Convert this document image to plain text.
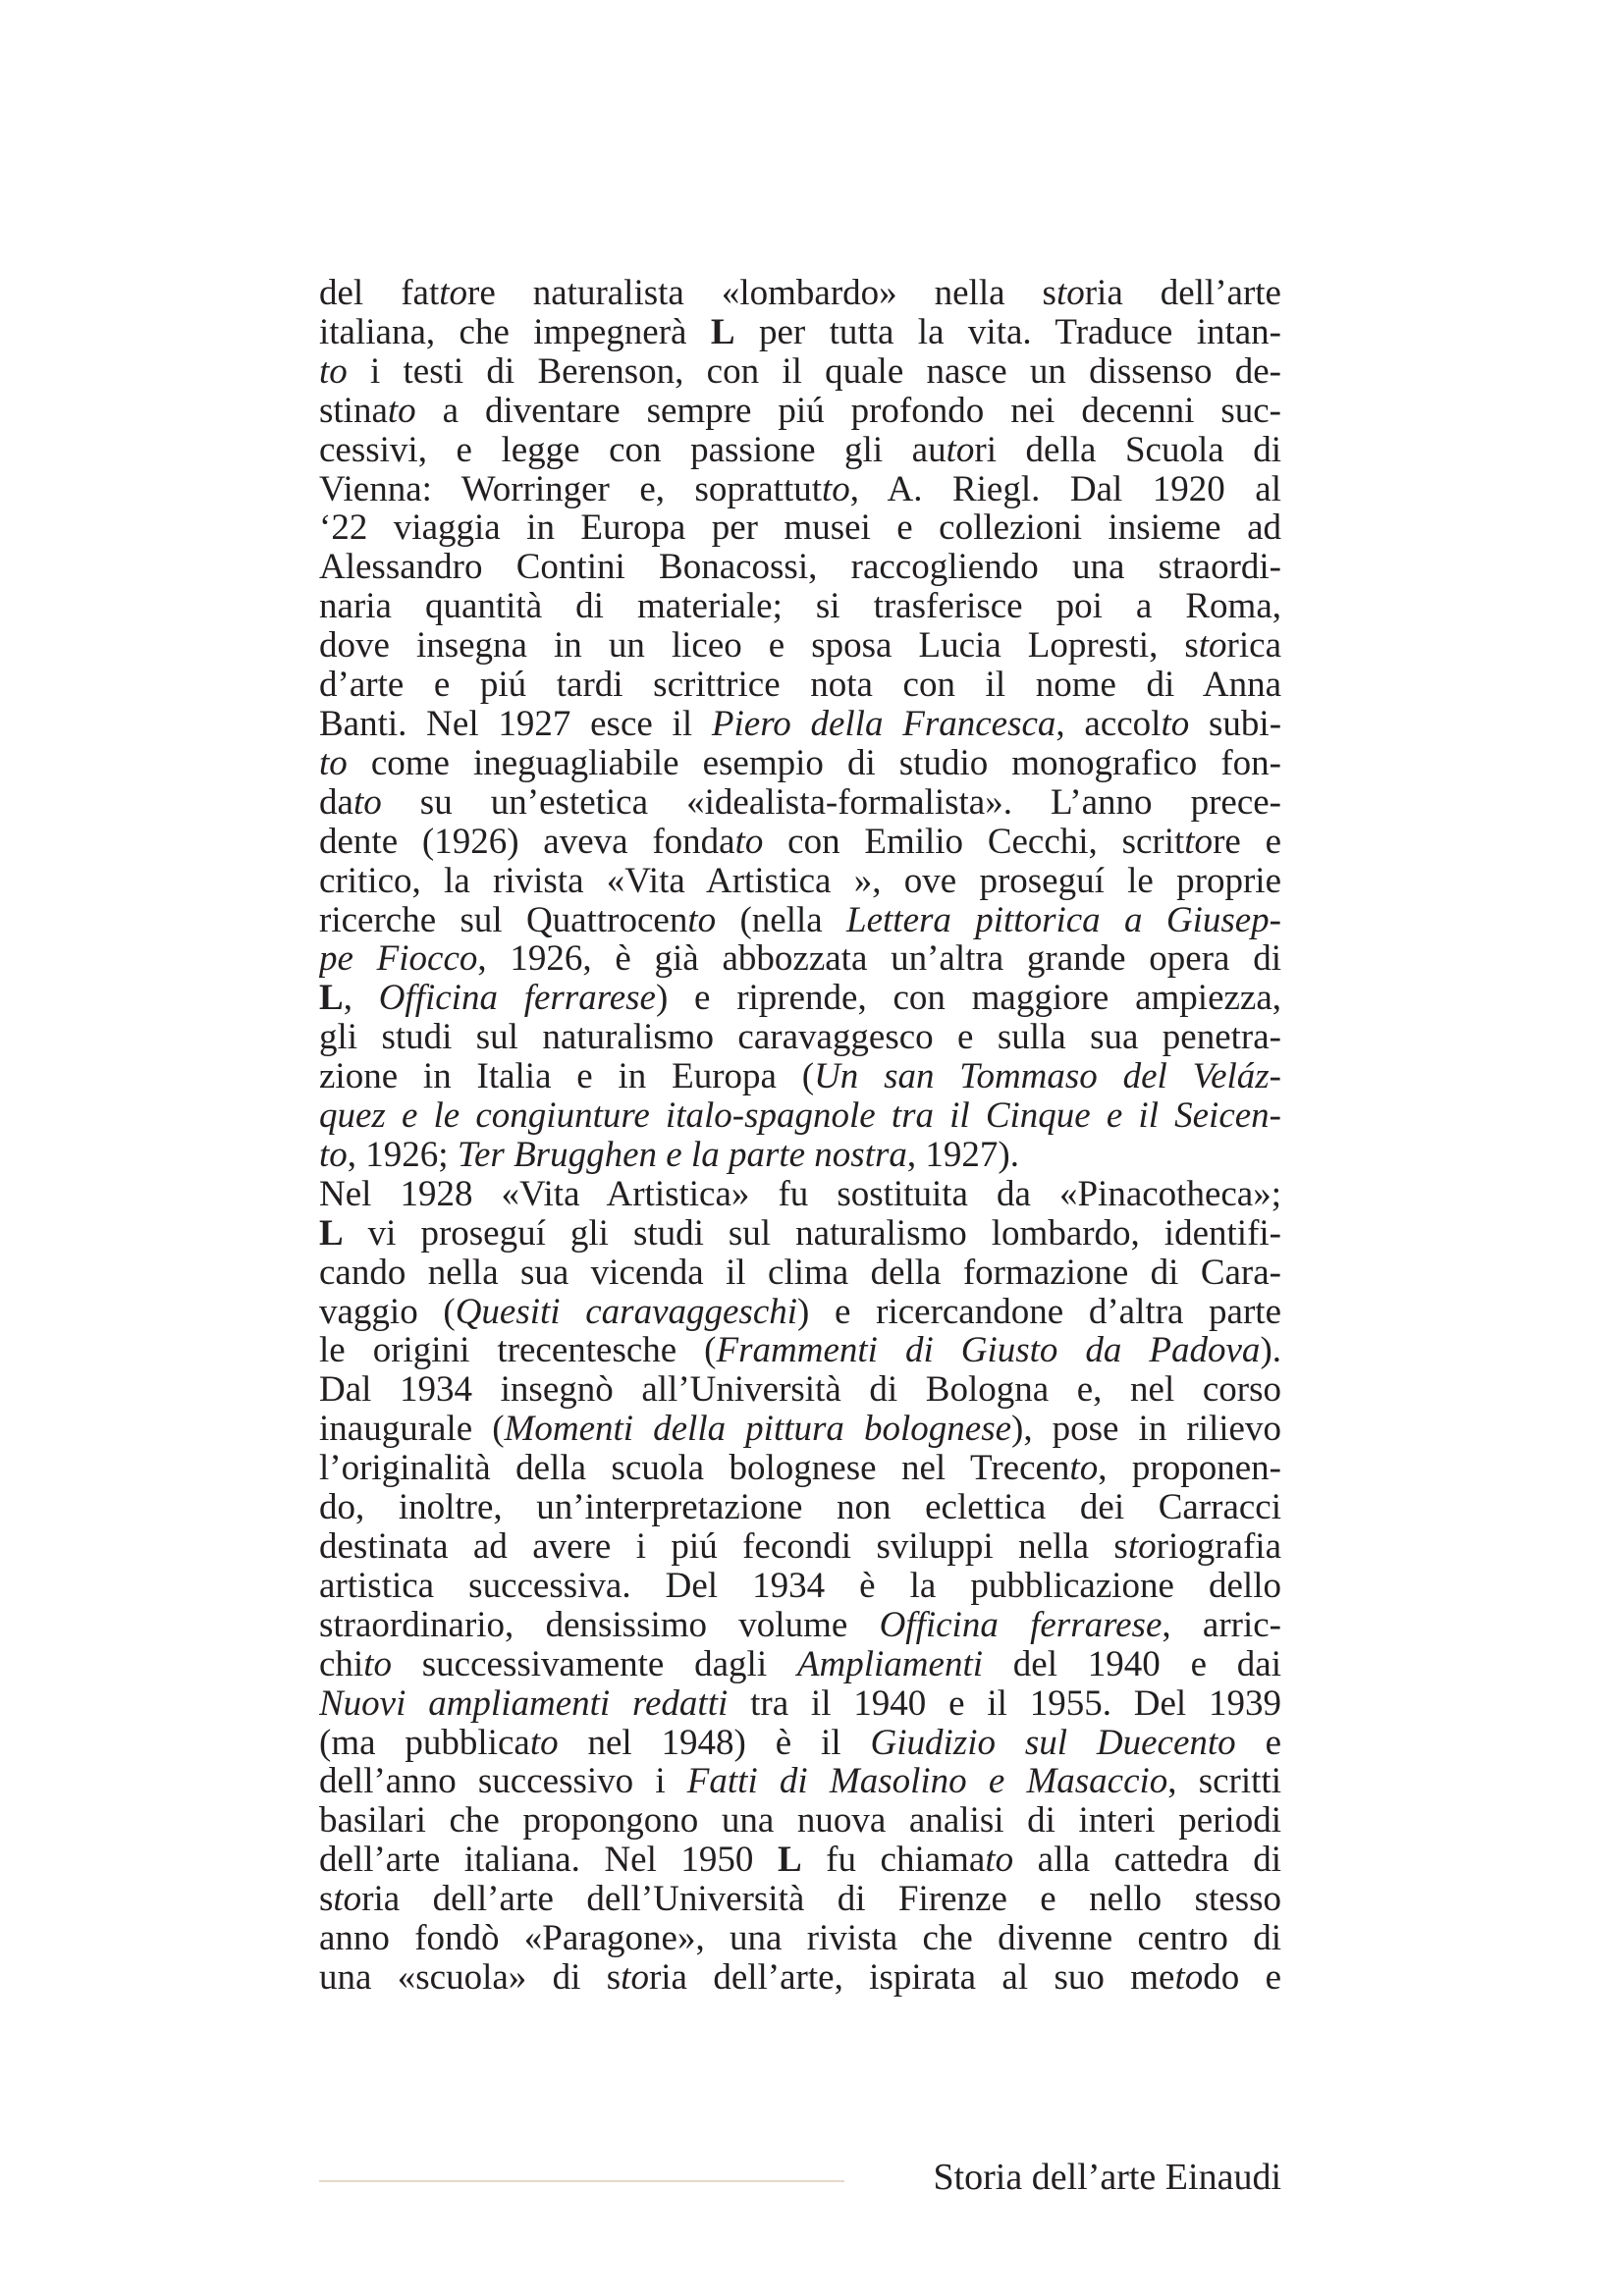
del fattore naturalista «lombardo» nella storia dell’arte
italiana, che impegnerà L per tutta la vita. Traduce intan-
to i testi di Berenson, con il quale nasce un dissenso de-
stinato a diventare sempre piú profondo nei decenni suc-
cessivi, e legge con passione gli autori della Scuola di
Vienna: Worringer e, soprattutto, A. Riegl. Dal 1920 al
‘22 viaggia in Europa per musei e collezioni insieme ad
Alessandro Contini Bonacossi, raccogliendo una straordi-
naria quantità di materiale; si trasferisce poi a Roma,
dove insegna in un liceo e sposa Lucia Lopresti, storica
d’arte e piú tardi scrittrice nota con il nome di Anna
Banti. Nel 1927 esce il Piero della Francesca, accolto subi-
to come ineguagliabile esempio di studio monografico fon-
dato su un’estetica «idealista-formalista». L’anno prece-
dente (1926) aveva fondato con Emilio Cecchi, scrittore e
critico, la rivista «Vita Artistica », ove proseguí le proprie
ricerche sul Quattrocento (nella Lettera pittorica a Giusep-
pe Fiocco, 1926, è già abbozzata un’altra grande opera di
L, Officina ferrarese) e riprende, con maggiore ampiezza,
gli studi sul naturalismo caravaggesco e sulla sua penetra-
zione in Italia e in Europa (Un san Tommaso del Veláz-
quez e le congiunture italo-spagnole tra il Cinque e il Seicen-
to, 1926; Ter Brugghen e la parte nostra, 1927).
Nel 1928 «Vita Artistica» fu sostituita da «Pinacotheca»;
L vi proseguí gli studi sul naturalismo lombardo, identifi-
cando nella sua vicenda il clima della formazione di Cara-
vaggio (Quesiti caravaggeschi) e ricercandone d’altra parte
le origini trecentesche (Frammenti di Giusto da Padova).
Dal 1934 insegnò all’Università di Bologna e, nel corso
inaugurale (Momenti della pittura bolognese), pose in rilievo
l’originalità della scuola bolognese nel Trecento, proponen-
do, inoltre, un’interpretazione non eclettica dei Carracci
destinata ad avere i piú fecondi sviluppi nella storiografia
artistica successiva. Del 1934 è la pubblicazione dello
straordinario, densissimo volume Officina ferrarese, arric-
chito successivamente dagli Ampliamenti del 1940 e dai
Nuovi ampliamenti redatti tra il 1940 e il 1955. Del 1939
(ma pubblicato nel 1948) è il Giudizio sul Duecento e
dell’anno successivo i Fatti di Masolino e Masaccio, scritti
basilari che propongono una nuova analisi di interi periodi
dell’arte italiana. Nel 1950 L fu chiamato alla cattedra di
storia dell’arte dell’Università di Firenze e nello stesso
anno fondò «Paragone», una rivista che divenne centro di
una «scuola» di storia dell’arte, ispirata al suo metodo e
Storia dell’arte Einaudi
